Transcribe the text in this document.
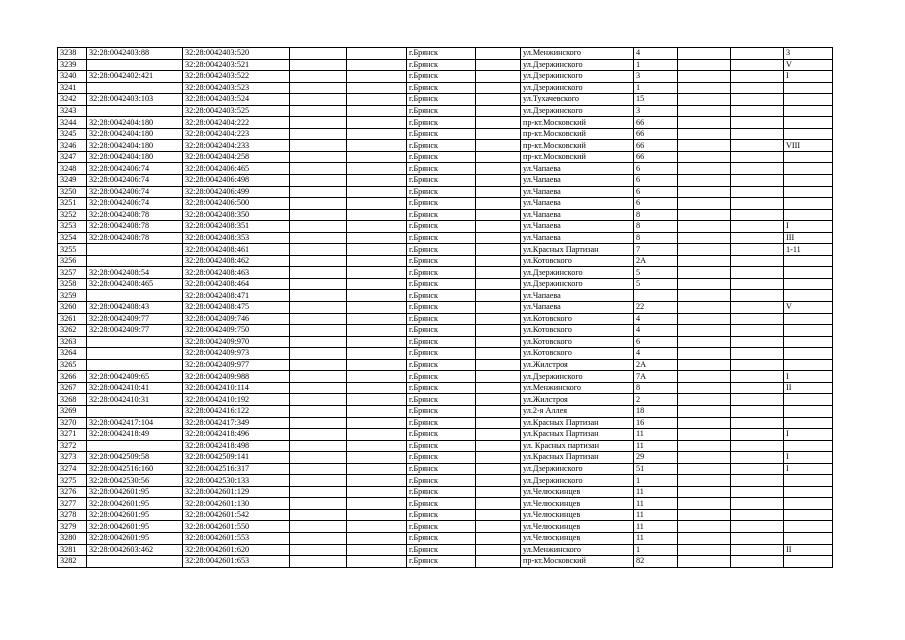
3238	32:28:0042403:88	32:28:0042403:520			г.Брянск		ул.Менжинского	4			3
3239		32:28:0042403:521			г.Брянск		ул.Дзержинского	1			V
3240	32:28:0042402:421	32:28:0042403:522			г.Брянск		ул.Дзержинского	3			I
3241		32:28:0042403:523			г.Брянск		ул.Дзержинского	1			
3242	32:28:0042403:103	32:28:0042403:524			г.Брянск		ул.Тухачевского	15			
3243		32:28:0042403:525			г.Брянск		ул.Дзержинского	3			
3244	32:28:0042404:180	32:28:0042404:222			г.Брянск		пр-кт.Московский	66			
3245	32:28:0042404:180	32:28:0042404:223			г.Брянск		пр-кт.Московский	66			
3246	32:28:0042404:180	32:28:0042404:233			г.Брянск		пр-кт.Московский	66			VIII
3247	32:28:0042404:180	32:28:0042404:258			г.Брянск		пр-кт.Московский	66			
3248	32:28:0042406:74	32:28:0042406:465			г.Брянск		ул.Чапаева	6			
3249	32:28:0042406:74	32:28:0042406:498			г.Брянск		ул.Чапаева	6			
3250	32:28:0042406:74	32:28:0042406:499			г.Брянск		ул.Чапаева	6			
3251	32:28:0042406:74	32:28:0042406:500			г.Брянск		ул.Чапаева	6			
3252	32:28:0042408:78	32:28:0042408:350			г.Брянск		ул.Чапаева	8			
3253	32:28:0042408:78	32:28:0042408:351			г.Брянск		ул.Чапаева	8			I
3254	32:28:0042408:78	32:28:0042408:353			г.Брянск		ул.Чапаева	8			III
3255		32:28:0042408:461			г.Брянск		ул.Красных Партизан	7			1-11
3256		32:28:0042408:462			г.Брянск		ул.Котовского	2А			
3257	32:28:0042408:54	32:28:0042408:463			г.Брянск		ул.Дзержинского	5			
3258	32:28:0042408:465	32:28:0042408:464			г.Брянск		ул.Дзержинского	5			
3259		32:28:0042408:471			г.Брянск		ул.Чапаева				
3260	32:28:0042408:43	32:28:0042408:475			г.Брянск		ул.Чапаева	22			V
3261	32:28:0042409:77	32:28:0042409:746			г.Брянск		ул.Котовского	4			
3262	32:28:0042409:77	32:28:0042409:750			г.Брянск		ул.Котовского	4			
3263		32:28:0042409:970			г.Брянск		ул.Котовского	6			
3264		32:28:0042409:973			г.Брянск		ул.Котовского	4			
3265		32:28:0042409:977			г.Брянск		ул.Жилстроя	2А			
3266	32:28:0042409:65	32:28:0042409:988			г.Брянск		ул.Дзержинского	7А			I
3267	32:28:0042410:41	32:28:0042410:114			г.Брянск		ул.Менжинского	8			II
3268	32:28:0042410:31	32:28:0042410:192			г.Брянск		ул.Жилстроя	2			
3269		32:28:0042416:122			г.Брянск		ул.2-я Аллея	18			
3270	32:28:0042417:104	32:28:0042417:349			г.Брянск		ул.Красных Партизан	16			
3271	32:28:0042418:49	32:28:0042418:496			г.Брянск		ул.Красных Партизан	11			I
3272		32:28:0042418:498			г.Брянск		ул. Красных партизан	11			
3273	32:28:0042509:58	32:28:0042509:141			г.Брянск		ул.Красных Партизан	29			I
3274	32:28:0042516:160	32:28:0042516:317			г.Брянск		ул.Дзержинского	51			I
3275	32:28:0042530:56	32:28:0042530:133			г.Брянск		ул.Дзержинского	1			
3276	32:28:0042601:95	32:28:0042601:129			г.Брянск		ул.Челюскинцев	11			
3277	32:28:0042601:95	32:28:0042601:130			г.Брянск		ул.Челюскинцев	11			
3278	32:28:0042601:95	32:28:0042601:542			г.Брянск		ул.Челюскинцев	11			
3279	32:28:0042601:95	32:28:0042601:550			г.Брянск		ул.Челюскинцев	11			
3280	32:28:0042601:95	32:28:0042601:553			г.Брянск		ул.Челюскинцев	11			
3281	32:28:0042603:462	32:28:0042601:620			г.Брянск		ул.Менжинского	1			II
3282		32:28:0042601:653			г.Брянск		пр-кт.Московский	82			
